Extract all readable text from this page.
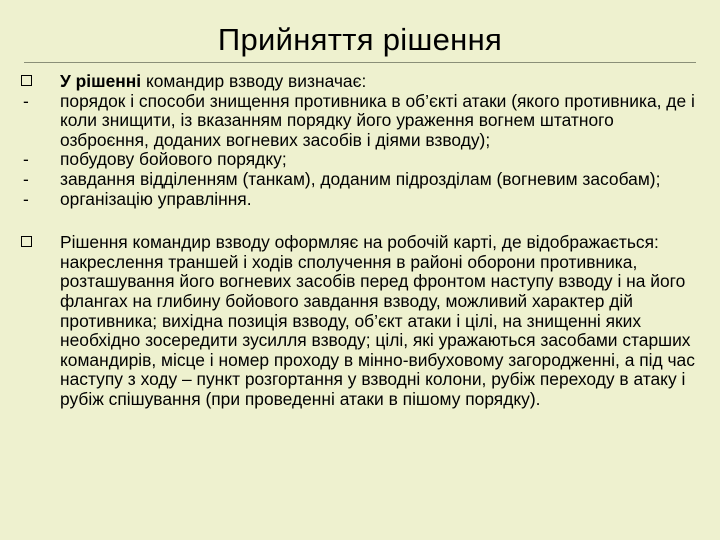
Прийняття рішення
У рішенні командир взводу визначає:
-	порядок і способи знищення противника в об’єкті атаки (якого противника, де і коли знищити, із вказанням порядку його ураження вогнем штатного озброєння, доданих вогневих засобів і діями взводу);
-	побудову бойового порядку;
-	завдання відділенням (танкам), доданим підрозділам (вогневим засобам);
-	організацію управління.
Рішення командир взводу оформляє на робочій карті, де відображається: накреслення траншей і ходів сполучення в районі оборони противника, розташування його вогневих засобів перед фронтом наступу взводу і на його флангах на глибину бойового завдання взводу, можливий характер дій противника; вихідна позиція взводу, об’єкт атаки і цілі, на знищенні яких необхідно зосередити зусилля взводу; цілі, які уражаються засобами старших командирів, місце і номер проходу в мінно-вибуховому загородженні, а під час наступу з ходу – пункт розгортання у взводні колони, рубіж переходу в атаку і рубіж спішування (при проведенні атаки в пішому порядку).
